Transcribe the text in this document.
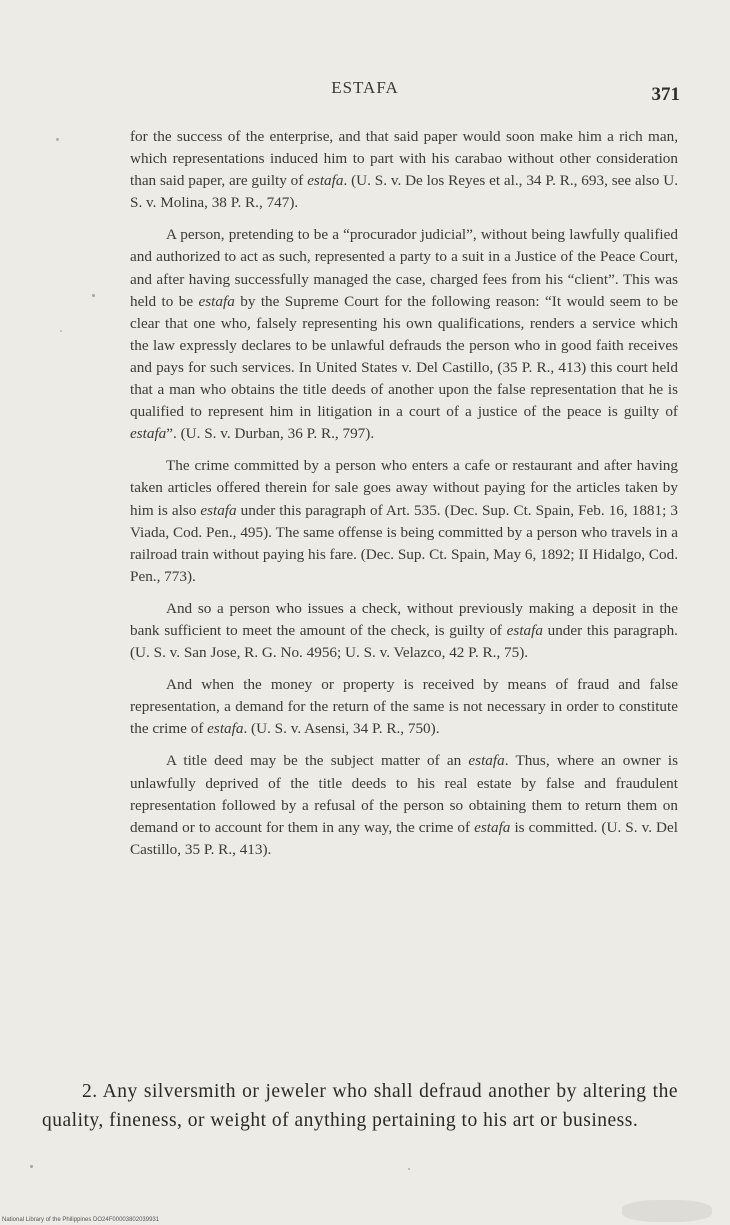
ESTAFA	371

for the success of the enterprise, and that said paper would soon make him a rich man, which representations induced him to part with his carabao without other consideration than said paper, are guilty of estafa. (U. S. v. De los Reyes et al., 34 P. R., 693, see also U. S. v. Molina, 38 P. R., 747).

A person, pretending to be a “procurador judicial”, without being lawfully qualified and authorized to act as such, represented a party to a suit in a Justice of the Peace Court, and after having successfully managed the case, charged fees from his “client”. This was held to be estafa by the Supreme Court for the following reason: “It would seem to be clear that one who, falsely representing his own qualifications, renders a service which the law expressly declares to be unlawful defrauds the person who in good faith receives and pays for such services. In United States v. Del Castillo, (35 P. R., 413) this court held that a man who obtains the title deeds of another upon the false representation that he is qualified to represent him in litigation in a court of a justice of the peace is guilty of estafa”. (U. S. v. Durban, 36 P. R., 797).

The crime committed by a person who enters a cafe or restaurant and after having taken articles offered therein for sale goes away without paying for the articles taken by him is also estafa under this paragraph of Art. 535. (Dec. Sup. Ct. Spain, Feb. 16, 1881; 3 Viada, Cod. Pen., 495). The same offense is being committed by a person who travels in a railroad train without paying his fare. (Dec. Sup. Ct. Spain, May 6, 1892; II Hidalgo, Cod. Pen., 773).

And so a person who issues a check, without previously making a deposit in the bank sufficient to meet the amount of the check, is guilty of estafa under this paragraph. (U. S. v. San Jose, R. G. No. 4956; U. S. v. Velazco, 42 P. R., 75).

And when the money or property is received by means of fraud and false representation, a demand for the return of the same is not necessary in order to constitute the crime of estafa. (U. S. v. Asensi, 34 P. R., 750).

A title deed may be the subject matter of an estafa. Thus, where an owner is unlawfully deprived of the title deeds to his real estate by false and fraudulent representation followed by a refusal of the person so obtaining them to return them on demand or to account for them in any way, the crime of estafa is committed. (U. S. v. Del Castillo, 35 P. R., 413).

2. Any silversmith or jeweler who shall defraud another by altering the quality, fineness, or weight of anything pertaining to his art or business.
National Library of the Philippines DO24F00003802039931
